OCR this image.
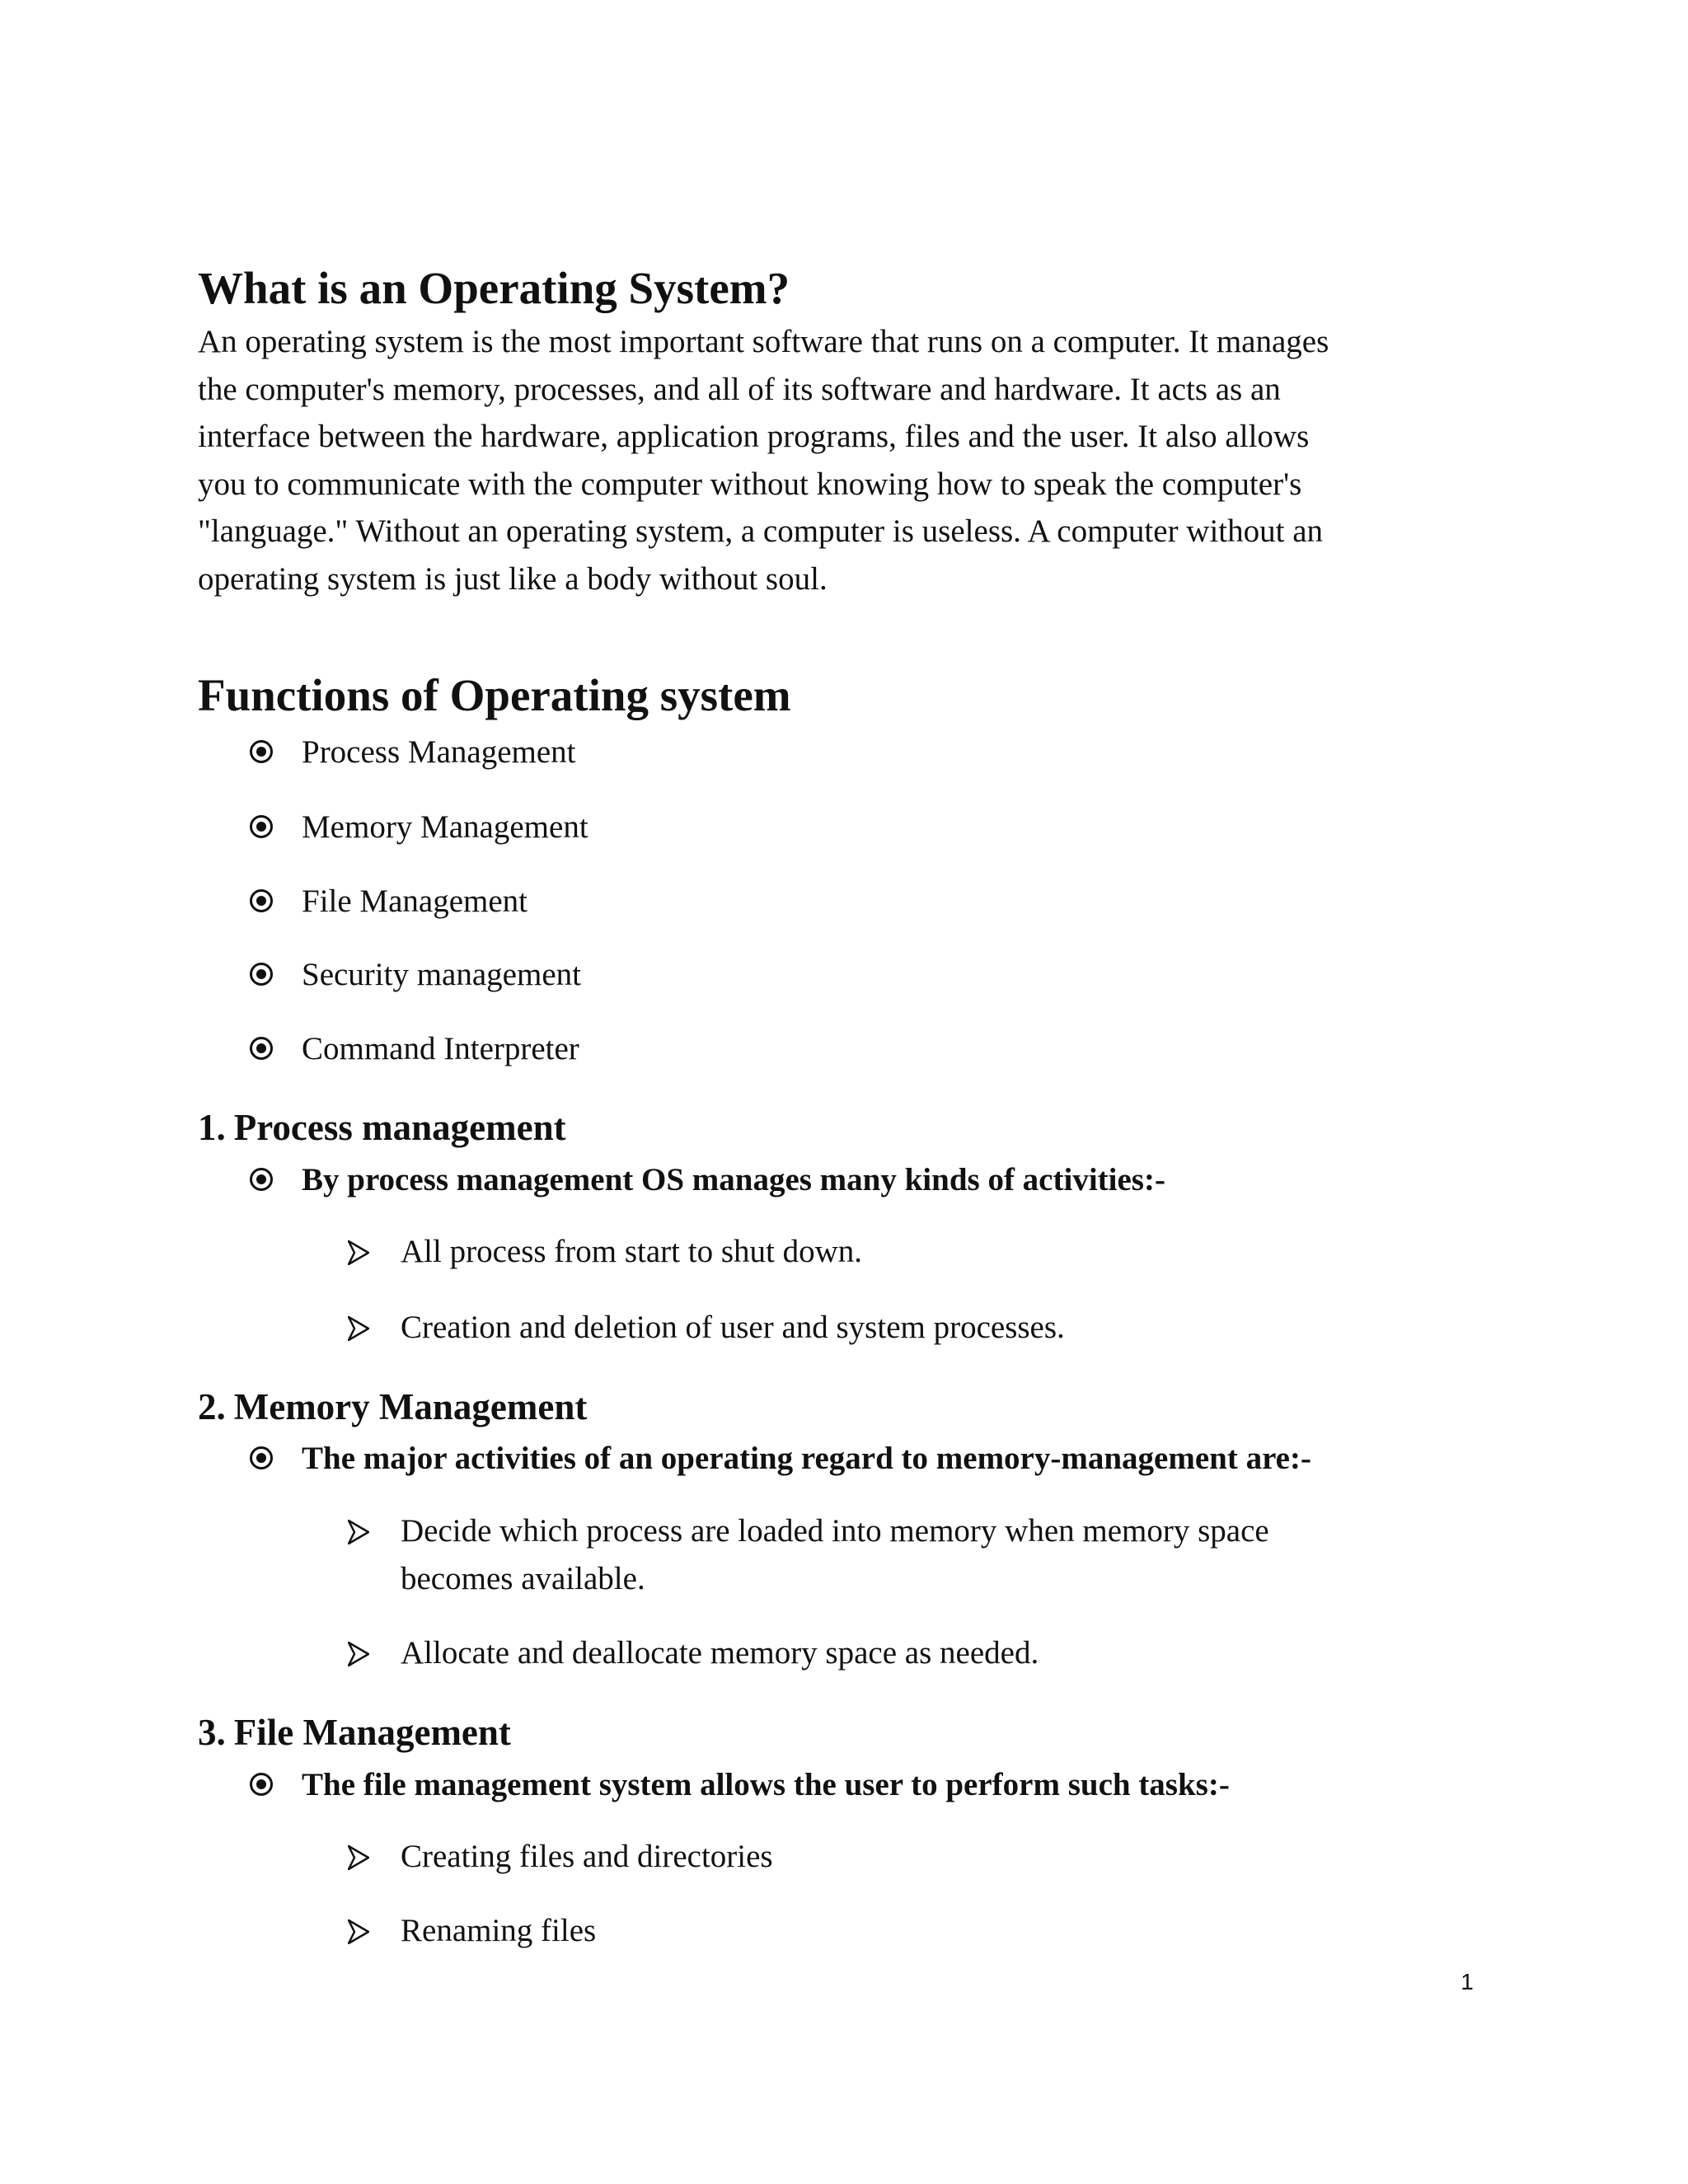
What is an Operating System?

An operating system is the most important software that runs on a computer. It manages
the computer's memory, processes, and all of its software and hardware. It acts as an
interface between the hardware, application programs, files and the user. It also allows
you to communicate with the computer without knowing how to speak the computer's
"language." Without an operating system, a computer is useless. A computer without an
operating system is just like a body without soul.

Functions of Operating system
Process Management
Memory Management
File Management
Security management
Command Interpreter
1. Process management
By process management OS manages many kinds of activities:-
All process from start to shut down.
Creation and deletion of user and system processes.
2. Memory Management
The major activities of an operating regard to memory-management are:-
Decide which process are loaded into memory when memory space
becomes available.
Allocate and deallocate memory space as needed.
3. File Management
The file management system allows the user to perform such tasks:-
Creating files and directories
Renaming files
1
